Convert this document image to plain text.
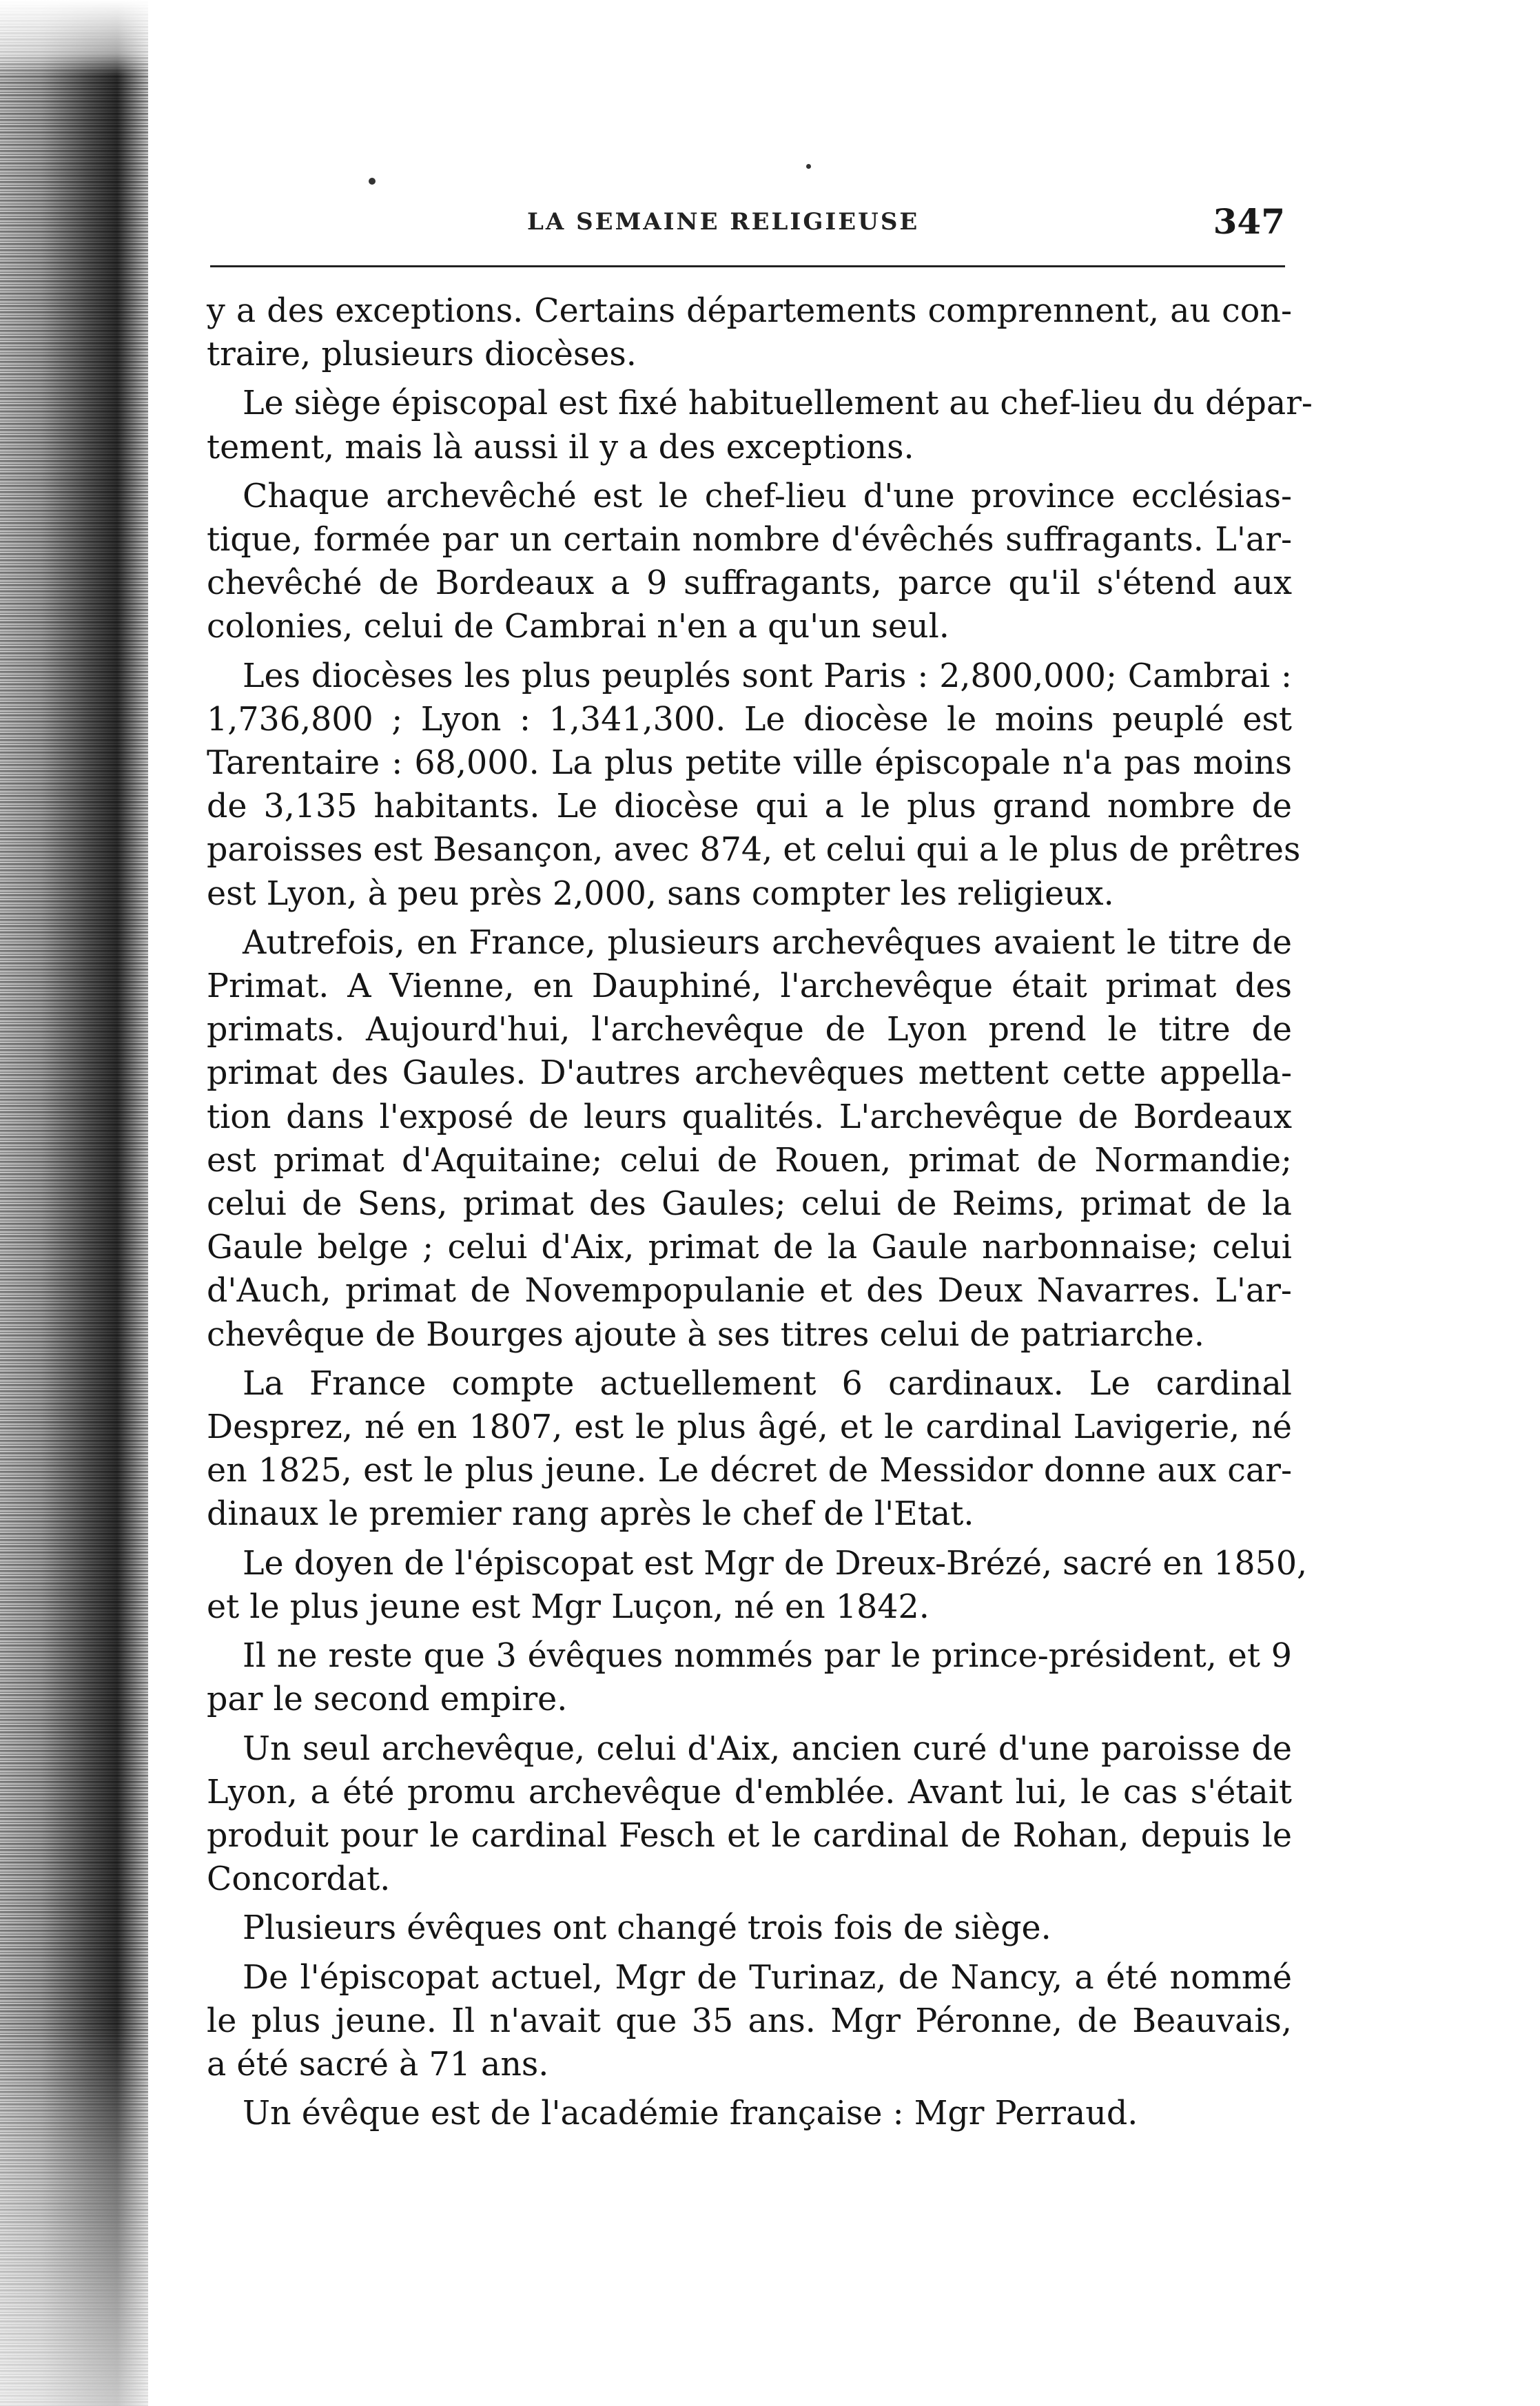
LA SEMAINE RELIGIEUSE	347

y a des exceptions. Certains départements comprennent, au con-
traire, plusieurs diocèses.

Le siège épiscopal est fixé habituellement au chef-lieu du dépar-
tement, mais là aussi il y a des exceptions.

Chaque archevêché est le chef-lieu d'une province ecclésias-
tique, formée par un certain nombre d'évêchés suffragants. L'ar-
chevêché de Bordeaux a 9 suffragants, parce qu'il s'étend aux
colonies, celui de Cambrai n'en a qu'un seul.

Les diocèses les plus peuplés sont Paris : 2,800,000; Cambrai :
1,736,800 ; Lyon : 1,341,300. Le diocèse le moins peuplé est
Tarentaire : 68,000. La plus petite ville épiscopale n'a pas moins
de 3,135 habitants. Le diocèse qui a le plus grand nombre de
paroisses est Besançon, avec 874, et celui qui a le plus de prêtres
est Lyon, à peu près 2,000, sans compter les religieux.

Autrefois, en France, plusieurs archevêques avaient le titre de
Primat. A Vienne, en Dauphiné, l'archevêque était primat des
primats. Aujourd'hui, l'archevêque de Lyon prend le titre de
primat des Gaules. D'autres archevêques mettent cette appella-
tion dans l'exposé de leurs qualités. L'archevêque de Bordeaux
est primat d'Aquitaine; celui de Rouen, primat de Normandie;
celui de Sens, primat des Gaules; celui de Reims, primat de la
Gaule belge ; celui d'Aix, primat de la Gaule narbonnaise; celui
d'Auch, primat de Novempopulanie et des Deux Navarres. L'ar-
chevêque de Bourges ajoute à ses titres celui de patriarche.

La France compte actuellement 6 cardinaux. Le cardinal
Desprez, né en 1807, est le plus âgé, et le cardinal Lavigerie, né
en 1825, est le plus jeune. Le décret de Messidor donne aux car-
dinaux le premier rang après le chef de l'Etat.

Le doyen de l'épiscopat est Mgr de Dreux-Brézé, sacré en 1850,
et le plus jeune est Mgr Luçon, né en 1842.

Il ne reste que 3 évêques nommés par le prince-président, et 9
par le second empire.

Un seul archevêque, celui d'Aix, ancien curé d'une paroisse de
Lyon, a été promu archevêque d'emblée. Avant lui, le cas s'était
produit pour le cardinal Fesch et le cardinal de Rohan, depuis le
Concordat.

Plusieurs évêques ont changé trois fois de siège.

De l'épiscopat actuel, Mgr de Turinaz, de Nancy, a été nommé
le plus jeune. Il n'avait que 35 ans. Mgr Péronne, de Beauvais,
a été sacré à 71 ans.

Un évêque est de l'académie française : Mgr Perraud.
